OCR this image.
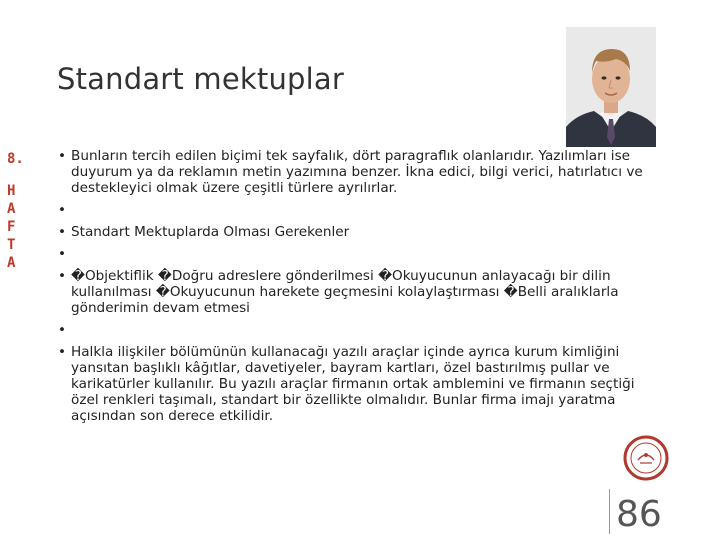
Standart mektuplar
8.
H
A
F
T
A
• Bunların tercih edilen biçimi tek sayfalık, dört paragraflık olanlarıdır. Yazılımları ise duyurum ya da reklamın metin yazımına benzer. İkna edici, bilgi verici, hatırlatıcı ve destekleyici olmak üzere çeşitli türlere ayrılırlar.
•
• Standart Mektuplarda Olması Gerekenler
•
• �Objektiflik �Doğru adreslere gönderilmesi �Okuyucunun anlayacağı bir dilin kullanılması �Okuyucunun harekete geçmesini kolaylaştırması �Belli aralıklarla gönderimin devam etmesi
•
• Halkla ilişkiler bölümünün kullanacağı yazılı araçlar içinde ayrıca kurum kimliğini yansıtan başlıklı kâğıtlar, davetiyeler, bayram kartları, özel bastırılmış pullar ve karikatürler kullanılır. Bu yazılı araçlar firmanın ortak amblemini ve firmanın seçtiği özel renkleri taşımalı, standart bir özellikte olmalıdır. Bunlar firma imajı yaratma açısından son derece etkilidir.
86
